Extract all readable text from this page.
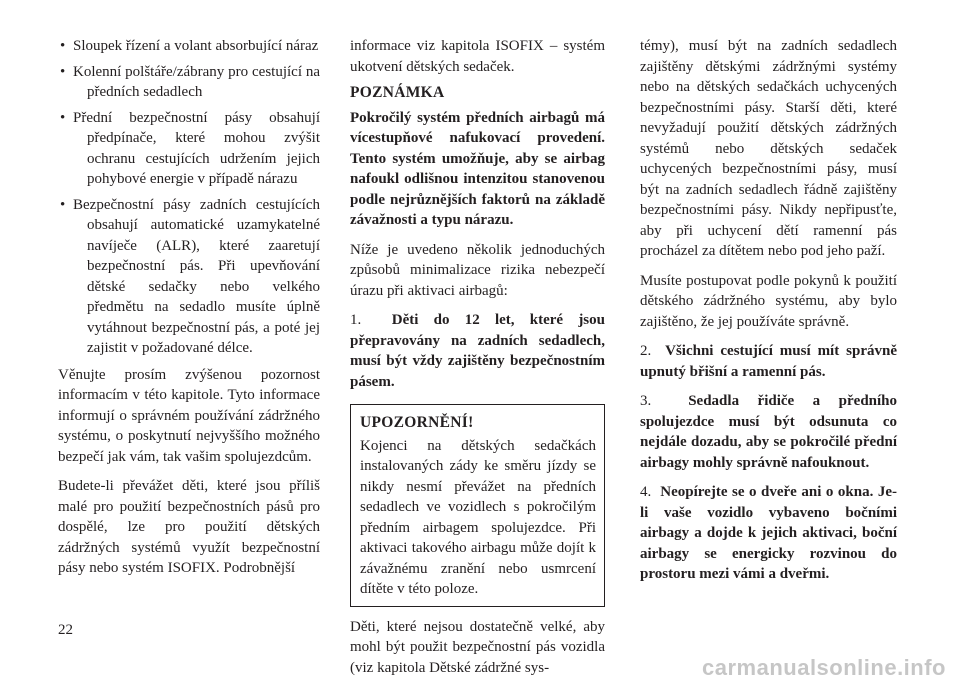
• Sloupek řízení a volant absorbující náraz
• Kolenní polštáře/zábrany pro cestující na předních sedadlech
• Přední bezpečnostní pásy obsahují předpínače, které mohou zvýšit ochranu cestujících udržením jejich pohybové energie v případě nárazu
• Bezpečnostní pásy zadních cestujících obsahují automatické uzamykatelné navíječe (ALR), které zaaretují bezpečnostní pás. Při upevňování dětské sedačky nebo velkého předmětu na sedadlo musíte úplně vytáhnout bezpečnostní pás, a poté jej zajistit v požadované délce.

Věnujte prosím zvýšenou pozornost informacím v této kapitole. Tyto informace informují o správném používání zádržného systému, o poskytnutí nejvyššího možného bezpečí jak vám, tak vašim spolujezdcům.

Budete-li převážet děti, které jsou příliš malé pro použití bezpečnostních pásů pro dospělé, lze pro použití dětských zádržných systémů využít bezpečnostní pásy nebo systém ISOFIX. Podrobnější

informace viz kapitola ISOFIX – systém ukotvení dětských sedaček.

POZNÁMKA

Pokročilý systém předních airbagů má vícestupňové nafukovací provedení. Tento systém umožňuje, aby se airbag nafoukl odlišnou intenzitou stanovenou podle nejrůznějších faktorů na základě závažnosti a typu nárazu.

Níže je uvedeno několik jednoduchých způsobů minimalizace rizika nebezpečí úrazu při aktivaci airbagů:

1. Děti do 12 let, které jsou přepravovány na zadních sedadlech, musí být vždy zajištěny bezpečnostním pásem.

UPOZORNĚNÍ!

Kojenci na dětských sedačkách instalovaných zády ke směru jízdy se nikdy nesmí převážet na předních sedadlech ve vozidlech s pokročilým předním airbagem spolujezdce. Při aktivaci takového airbagu může dojít k závažnému zranění nebo usmrcení dítěte v této poloze.

Děti, které nejsou dostatečně velké, aby mohl být použit bezpečnostní pás vozidla (viz kapitola Dětské zádržné sys-

témy), musí být na zadních sedadlech zajištěny dětskými zádržnými systémy nebo na dětských sedačkách uchycených bezpečnostními pásy. Starší děti, které nevyžadují použití dětských zádržných systémů nebo dětských sedaček uchycených bezpečnostními pásy, musí být na zadních sedadlech řádně zajištěny bezpečnostními pásy. Nikdy nepřipusťte, aby při uchycení dětí ramenní pás procházel za dítětem nebo pod jeho paží.

Musíte postupovat podle pokynů k použití dětského zádržného systému, aby bylo zajištěno, že jej používáte správně.

2. Všichni cestující musí mít správně upnutý břišní a ramenní pás.

3. Sedadla řidiče a předního spolujezdce musí být odsunuta co nejdále dozadu, aby se pokročilé přední airbagy mohly správně nafouknout.

4. Neopírejte se o dveře ani o okna. Je-li vaše vozidlo vybaveno bočními airbagy a dojde k jejich aktivaci, boční airbagy se energicky rozvinou do prostoru mezi vámi a dveřmi.

22
carmanualsonline.info
